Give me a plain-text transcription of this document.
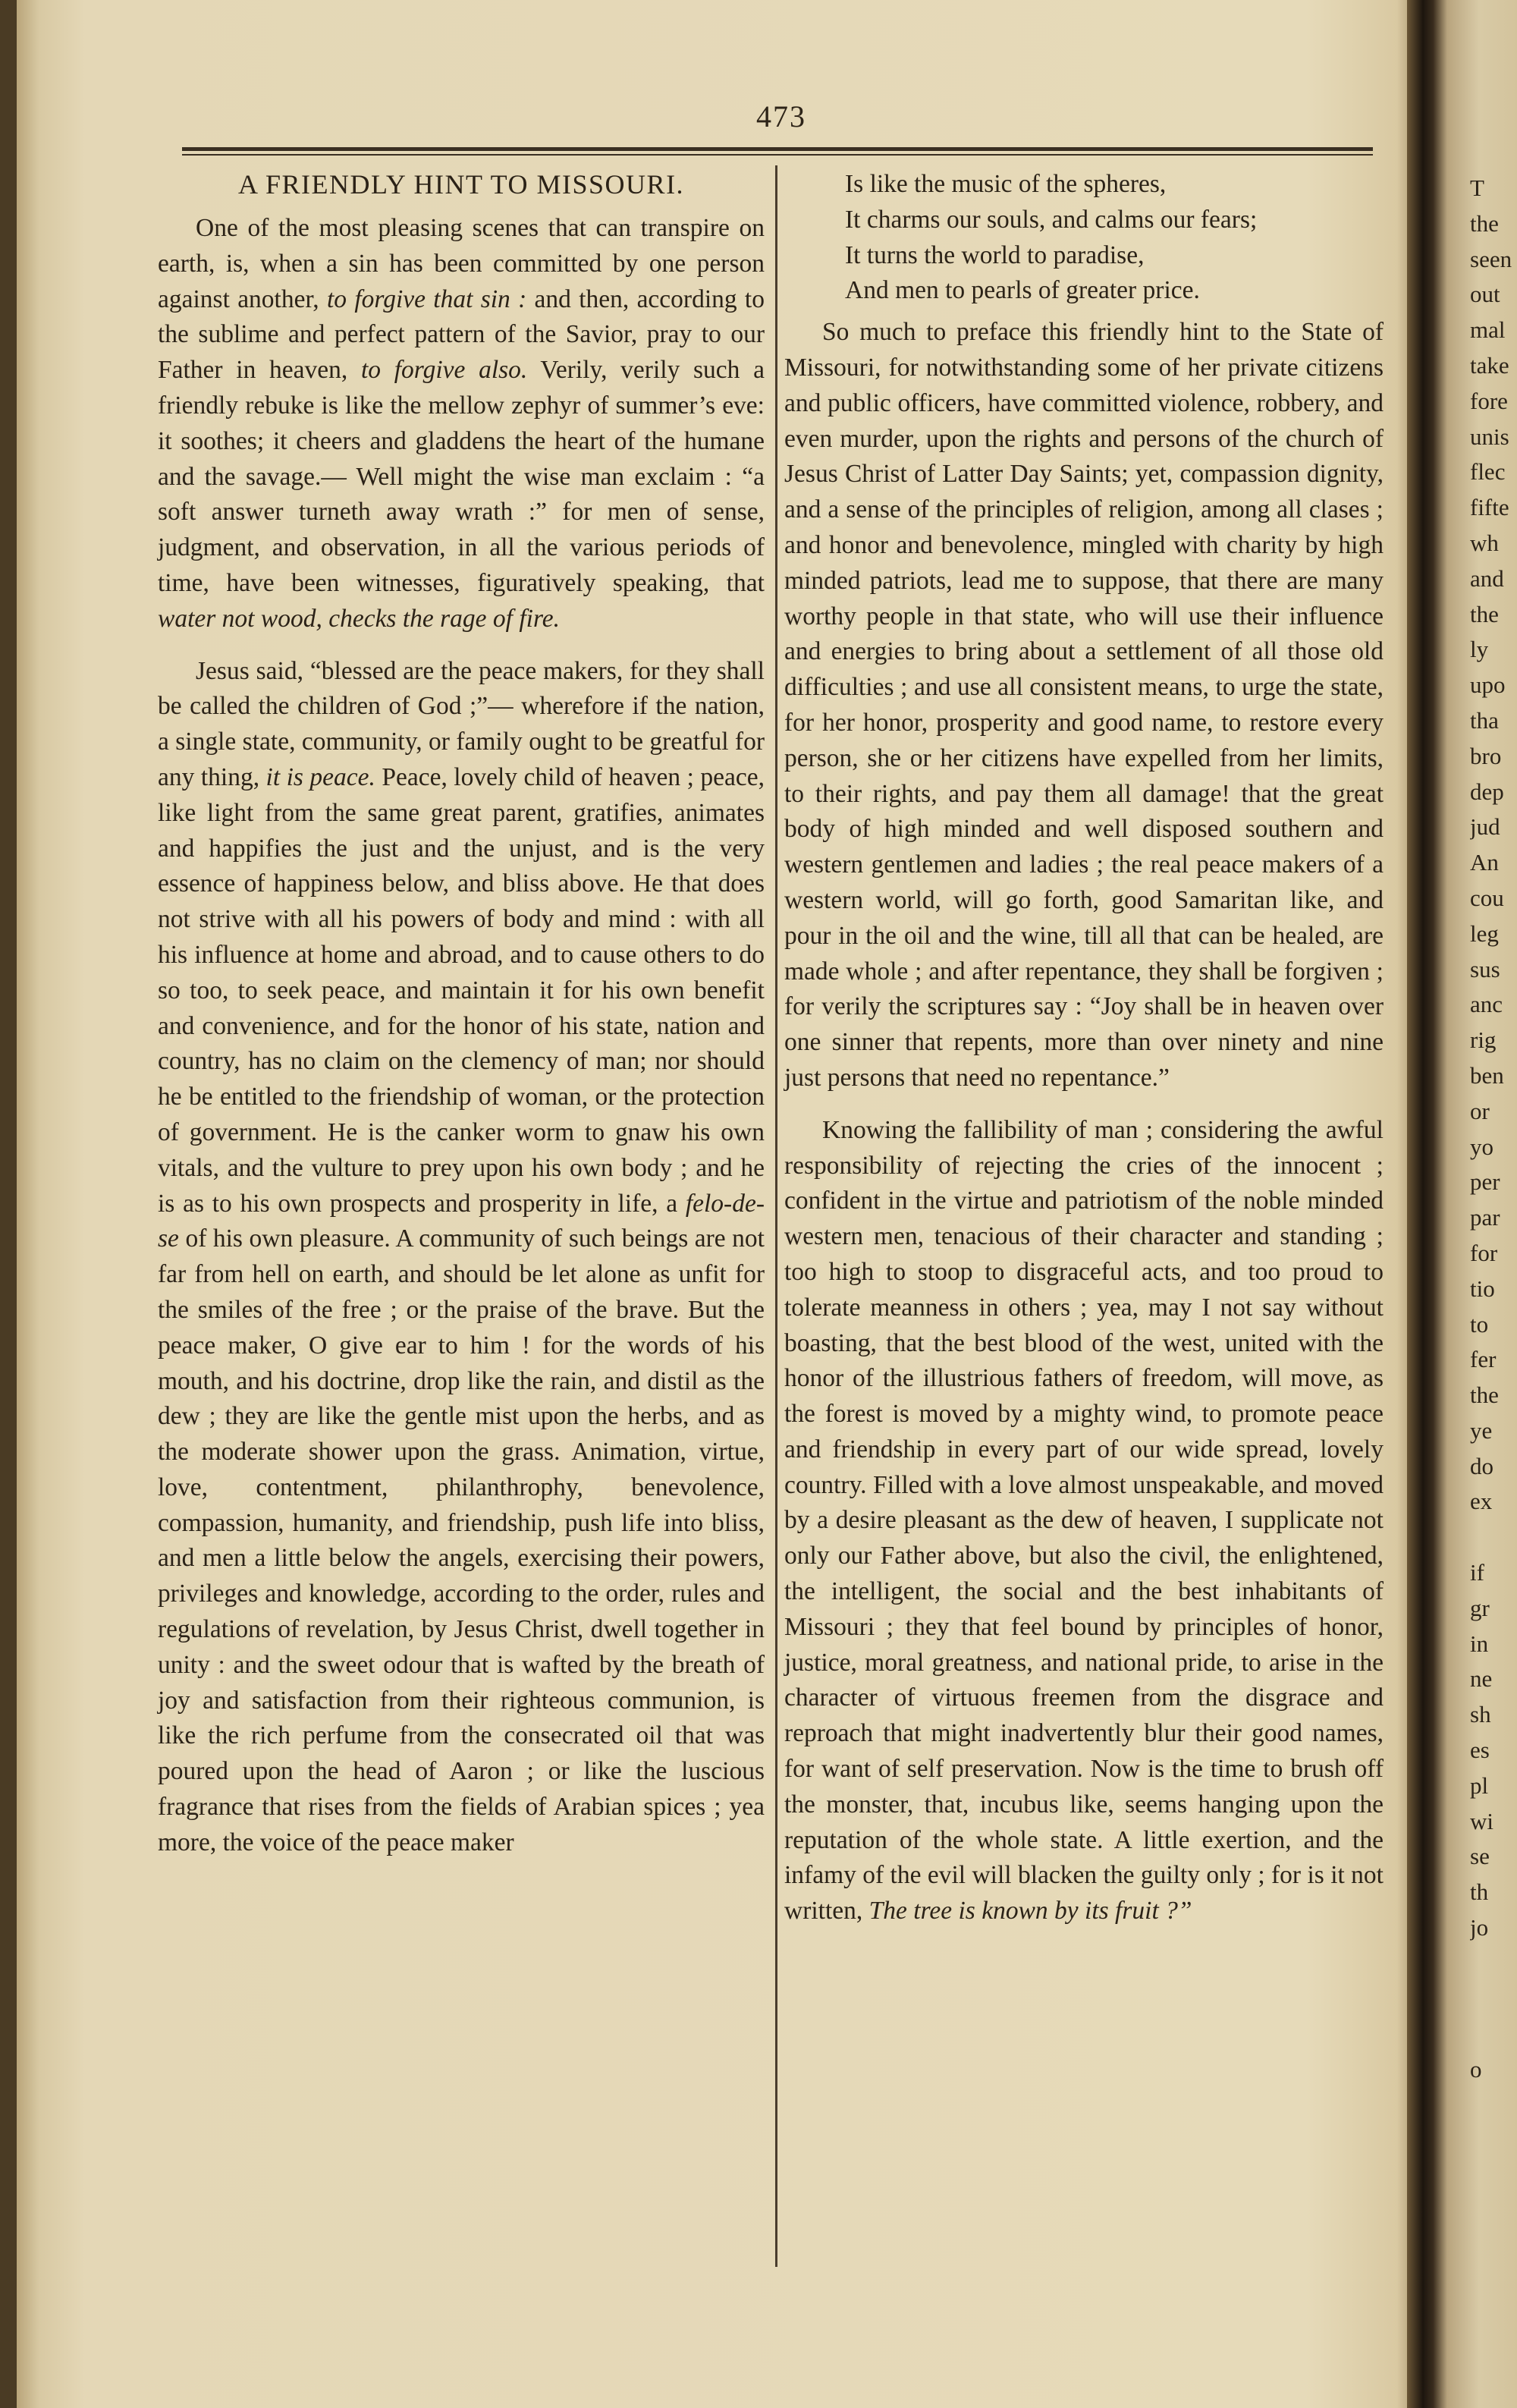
473
A FRIENDLY HINT TO MISSOURI.

One of the most pleasing scenes that can transpire on earth, is, when a sin has been committed by one person against another, to forgive that sin : and then, according to the sublime and perfect pattern of the Savior, pray to our Father in heaven, to forgive also. Verily, verily such a friendly rebuke is like the mellow zephyr of summer’s eve: it soothes; it cheers and gladdens the heart of the humane and the savage.— Well might the wise man exclaim : “a soft answer turneth away wrath :” for men of sense, judgment, and observation, in all the various periods of time, have been witnesses, figuratively speaking, that water not wood, checks the rage of fire.

Jesus said, “blessed are the peace makers, for they shall be called the children of God ;”— wherefore if the nation, a single state, community, or family ought to be greatful for any thing, it is peace. Peace, lovely child of heaven ; peace, like light from the same great parent, gratifies, animates and happifies the just and the unjust, and is the very essence of happiness below, and bliss above. He that does not strive with all his powers of body and mind : with all his influence at home and abroad, and to cause others to do so too, to seek peace, and maintain it for his own benefit and convenience, and for the honor of his state, nation and country, has no claim on the clemency of man; nor should he be entitled to the friendship of woman, or the protection of government. He is the canker worm to gnaw his own vitals, and the vulture to prey upon his own body ; and he is as to his own prospects and prosperity in life, a felo-de-se of his own pleasure. A community of such beings are not far from hell on earth, and should be let alone as unfit for the smiles of the free ; or the praise of the brave. But the peace maker, O give ear to him ! for the words of his mouth, and his doctrine, drop like the rain, and distil as the dew ; they are like the gentle mist upon the herbs, and as the moderate shower upon the grass. Animation, virtue, love, contentment, philanthrophy, benevolence, compassion, humanity, and friendship, push life into bliss, and men a little below the angels, exercising their powers, privileges and knowledge, according to the order, rules and regulations of revelation, by Jesus Christ, dwell together in unity : and the sweet odour that is wafted by the breath of joy and satisfaction from their righteous communion, is like the rich perfume from the consecrated oil that was poured upon the head of Aaron ; or like the luscious fragrance that rises from the fields of Arabian spices ; yea more, the voice of the peace maker

Is like the music of the spheres,
It charms our souls, and calms our fears;
It turns the world to paradise,
And men to pearls of greater price.

So much to preface this friendly hint to the State of Missouri, for notwithstanding some of her private citizens and public officers, have committed violence, robbery, and even murder, upon the rights and persons of the church of Jesus Christ of Latter Day Saints; yet, compassion dignity, and a sense of the principles of religion, among all clases ; and honor and benevolence, mingled with charity by high minded patriots, lead me to suppose, that there are many worthy people in that state, who will use their influence and energies to bring about a settlement of all those old difficulties ; and use all consistent means, to urge the state, for her honor, prosperity and good name, to restore every person, she or her citizens have expelled from her limits, to their rights, and pay them all damage! that the great body of high minded and well disposed southern and western gentlemen and ladies ; the real peace makers of a western world, will go forth, good Samaritan like, and pour in the oil and the wine, till all that can be healed, are made whole ; and after repentance, they shall be forgiven ; for verily the scriptures say : “Joy shall be in heaven over one sinner that repents, more than over ninety and nine just persons that need no repentance.”

Knowing the fallibility of man ; considering the awful responsibility of rejecting the cries of the innocent ; confident in the virtue and patriotism of the noble minded western men, tenacious of their character and standing ; too high to stoop to disgraceful acts, and too proud to tolerate meanness in others ; yea, may I not say without boasting, that the best blood of the west, united with the honor of the illustrious fathers of freedom, will move, as the forest is moved by a mighty wind, to promote peace and friendship in every part of our wide spread, lovely country. Filled with a love almost unspeakable, and moved by a desire pleasant as the dew of heaven, I supplicate not only our Father above, but also the civil, the enlightened, the intelligent, the social and the best inhabitants of Missouri ; they that feel bound by principles of honor, justice, moral greatness, and national pride, to arise in the character of virtuous freemen from the disgrace and reproach that might inadvertently blur their good names, for want of self preservation. Now is the time to brush off the monster, that, incubus like, seems hanging upon the reputation of the whole state. A little exertion, and the infamy of the evil will blacken the guilty only ; for is it not written, The tree is known by its fruit ?”

T
the
seen
out
mal
take
fore
unis
flec
fifte
wh
and
the
ly
upo
tha
bro
dep
jud
An
cou
leg
sus
anc
rig
ben
or
yo
per
par
for
tio
to
fer
the
ye
do
ex

if
gr
in
ne
sh
es
pl
wi
se
th
jo

o
